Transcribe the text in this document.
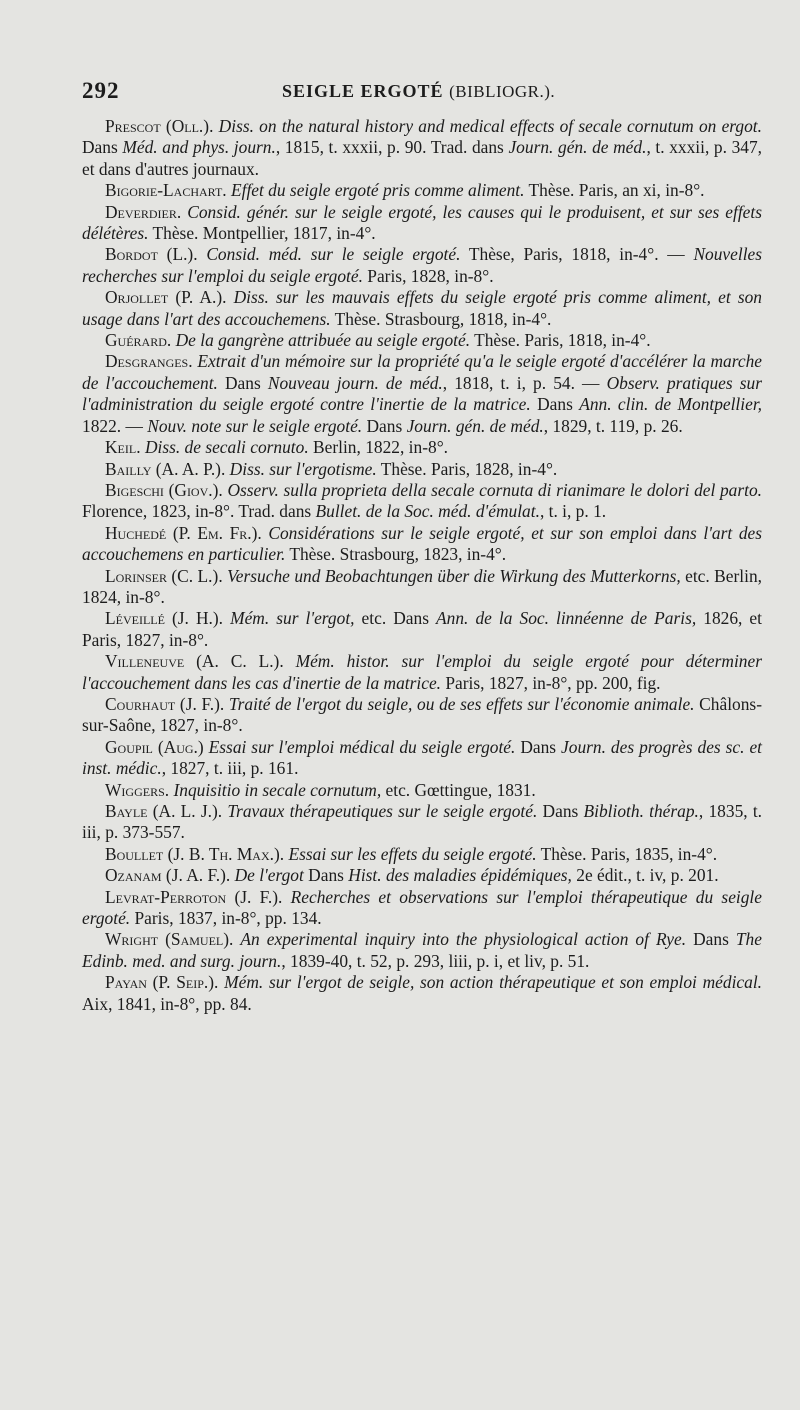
292	SEIGLE ERGOTÉ (BIBLIOGR.).

Prescot (Oll.). Diss. on the natural history and medical effects of secale cornutum on ergot. Dans Méd. and phys. journ., 1815, t. xxxii, p. 90. Trad. dans Journ. gén. de méd., t. xxxii, p. 347, et dans d'autres journaux.

Bigorie-Lachart. Effet du seigle ergoté pris comme aliment. Thèse. Paris, an xi, in-8°.

Deverdier. Consid. génér. sur le seigle ergoté, les causes qui le produisent, et sur ses effets délétères. Thèse. Montpellier, 1817, in-4°.

Bordot (L.). Consid. méd. sur le seigle ergoté. Thèse, Paris, 1818, in-4°. — Nouvelles recherches sur l'emploi du seigle ergoté. Paris, 1828, in-8°.

Orjollet (P. A.). Diss. sur les mauvais effets du seigle ergoté pris comme aliment, et son usage dans l'art des accouchemens. Thèse. Strasbourg, 1818, in-4°.

Guérard. De la gangrène attribuée au seigle ergoté. Thèse. Paris, 1818, in-4°.

Desgranges. Extrait d'un mémoire sur la propriété qu'a le seigle ergoté d'accélérer la marche de l'accouchement. Dans Nouveau journ. de méd., 1818, t. i, p. 54. — Observ. pratiques sur l'administration du seigle ergoté contre l'inertie de la matrice. Dans Ann. clin. de Montpellier, 1822. — Nouv. note sur le seigle ergoté. Dans Journ. gén. de méd., 1829, t. 119, p. 26.

Keil. Diss. de secali cornuto. Berlin, 1822, in-8°.

Bailly (A. A. P.). Diss. sur l'ergotisme. Thèse. Paris, 1828, in-4°.

Bigeschi (Giov.). Osserv. sulla proprieta della secale cornuta di rianimare le dolori del parto. Florence, 1823, in-8°. Trad. dans Bullet. de la Soc. méd. d'émulat., t. i, p. 1.

Huchedé (P. Em. Fr.). Considérations sur le seigle ergoté, et sur son emploi dans l'art des accouchemens en particulier. Thèse. Strasbourg, 1823, in-4°.

Lorinser (C. L.). Versuche und Beobachtungen über die Wirkung des Mutterkorns, etc. Berlin, 1824, in-8°.

Léveillé (J. H.). Mém. sur l'ergot, etc. Dans Ann. de la Soc. linnéenne de Paris, 1826, et Paris, 1827, in-8°.

Villeneuve (A. C. L.). Mém. histor. sur l'emploi du seigle ergoté pour déterminer l'accouchement dans les cas d'inertie de la matrice. Paris, 1827, in-8°, pp. 200, fig.

Courhaut (J. F.). Traité de l'ergot du seigle, ou de ses effets sur l'économie animale. Châlons-sur-Saône, 1827, in-8°.

Goupil (Aug.) Essai sur l'emploi médical du seigle ergoté. Dans Journ. des progrès des sc. et inst. médic., 1827, t. iii, p. 161.

Wiggers. Inquisitio in secale cornutum, etc. Gœttingue, 1831.

Bayle (A. L. J.). Travaux thérapeutiques sur le seigle ergoté. Dans Biblioth. thérap., 1835, t. iii, p. 373-557.

Boullet (J. B. Th. Max.). Essai sur les effets du seigle ergoté. Thèse. Paris, 1835, in-4°.

Ozanam (J. A. F.). De l'ergot Dans Hist. des maladies épidémiques, 2e édit., t. iv, p. 201.

Levrat-Perroton (J. F.). Recherches et observations sur l'emploi thérapeutique du seigle ergoté. Paris, 1837, in-8°, pp. 134.

Wright (Samuel). An experimental inquiry into the physiological action of Rye. Dans The Edinb. med. and surg. journ., 1839-40, t. 52, p. 293, liii, p. i, et liv, p. 51.

Payan (P. Seip.). Mém. sur l'ergot de seigle, son action thérapeutique et son emploi médical. Aix, 1841, in-8°, pp. 84.
